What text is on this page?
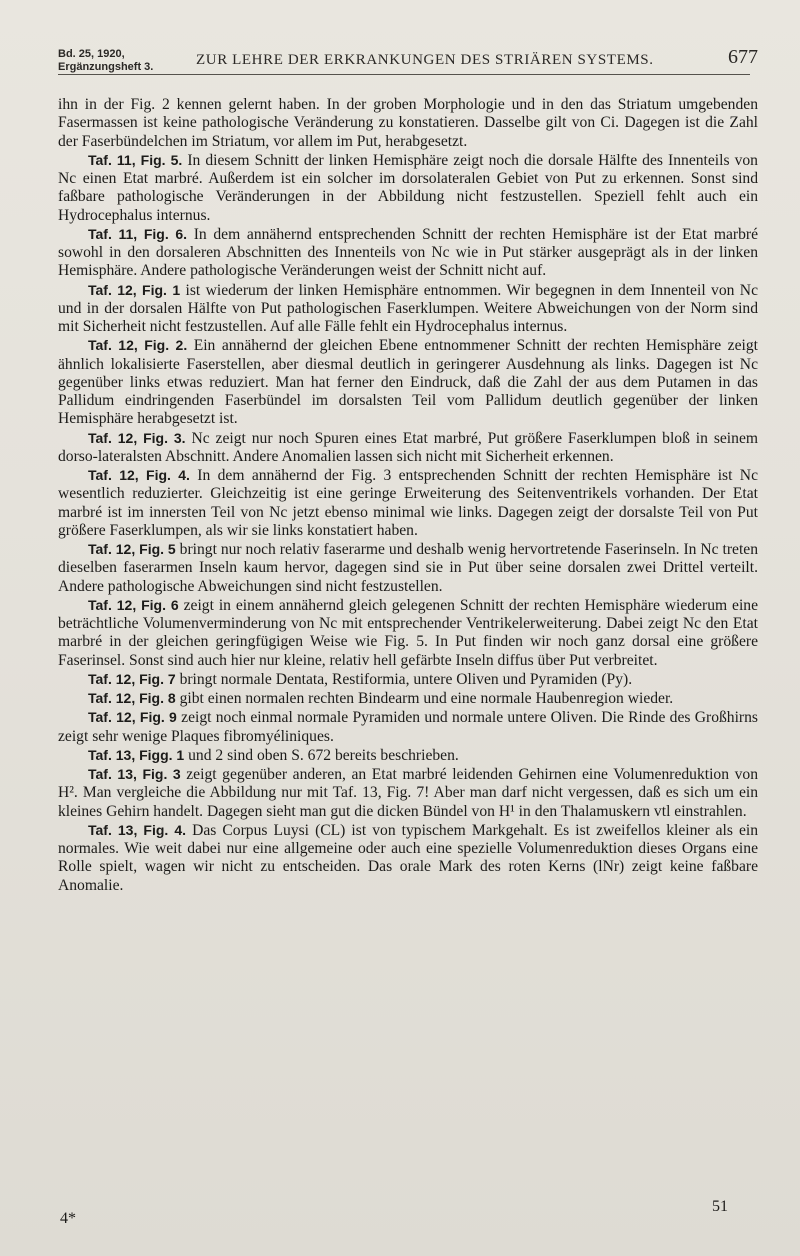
Bd. 25, 1920,
Ergänzungsheft 3.	ZUR LEHRE DER ERKRANKUNGEN DES STRIÄREN SYSTEMS.	677

ihn in der Fig. 2 kennen gelernt haben. In der groben Morphologie und in den das Striatum umgebenden Fasermassen ist keine pathologische Veränderung zu konstatieren. Dasselbe gilt von Ci. Dagegen ist die Zahl der Faserbündelchen im Striatum, vor allem im Put, herabgesetzt.

Taf. 11, Fig. 5. In diesem Schnitt der linken Hemisphäre zeigt noch die dorsale Hälfte des Innenteils von Nc einen Etat marbré. Außerdem ist ein solcher im dorsolateralen Gebiet von Put zu erkennen. Sonst sind faßbare pathologische Veränderungen in der Abbildung nicht festzustellen. Speziell fehlt auch ein Hydrocephalus internus.

Taf. 11, Fig. 6. In dem annähernd entsprechenden Schnitt der rechten Hemisphäre ist der Etat marbré sowohl in den dorsaleren Abschnitten des Innenteils von Nc wie in Put stärker ausgeprägt als in der linken Hemisphäre. Andere pathologische Veränderungen weist der Schnitt nicht auf.

Taf. 12, Fig. 1 ist wiederum der linken Hemisphäre entnommen. Wir begegnen in dem Innenteil von Nc und in der dorsalen Hälfte von Put pathologischen Faserklumpen. Weitere Abweichungen von der Norm sind mit Sicherheit nicht festzustellen. Auf alle Fälle fehlt ein Hydrocephalus internus.

Taf. 12, Fig. 2. Ein annähernd der gleichen Ebene entnommener Schnitt der rechten Hemisphäre zeigt ähnlich lokalisierte Faserstellen, aber diesmal deutlich in geringerer Ausdehnung als links. Dagegen ist Nc gegenüber links etwas reduziert. Man hat ferner den Eindruck, daß die Zahl der aus dem Putamen in das Pallidum eindringenden Faserbündel im dorsalsten Teil vom Pallidum deutlich gegenüber der linken Hemisphäre herabgesetzt ist.

Taf. 12, Fig. 3. Nc zeigt nur noch Spuren eines Etat marbré, Put größere Faserklumpen bloß in seinem dorso-lateralsten Abschnitt. Andere Anomalien lassen sich nicht mit Sicherheit erkennen.

Taf. 12, Fig. 4. In dem annähernd der Fig. 3 entsprechenden Schnitt der rechten Hemisphäre ist Nc wesentlich reduzierter. Gleichzeitig ist eine geringe Erweiterung des Seitenventrikels vorhanden. Der Etat marbré ist im innersten Teil von Nc jetzt ebenso minimal wie links. Dagegen zeigt der dorsalste Teil von Put größere Faserklumpen, als wir sie links konstatiert haben.

Taf. 12, Fig. 5 bringt nur noch relativ faserarme und deshalb wenig hervortretende Faserinseln. In Nc treten dieselben faserarmen Inseln kaum hervor, dagegen sind sie in Put über seine dorsalen zwei Drittel verteilt. Andere pathologische Abweichungen sind nicht festzustellen.

Taf. 12, Fig. 6 zeigt in einem annähernd gleich gelegenen Schnitt der rechten Hemisphäre wiederum eine beträchtliche Volumenverminderung von Nc mit entsprechender Ventrikelerweiterung. Dabei zeigt Nc den Etat marbré in der gleichen geringfügigen Weise wie Fig. 5. In Put finden wir noch ganz dorsal eine größere Faserinsel. Sonst sind auch hier nur kleine, relativ hell gefärbte Inseln diffus über Put verbreitet.

Taf. 12, Fig. 7 bringt normale Dentata, Restiformia, untere Oliven und Pyramiden (Py).

Taf. 12, Fig. 8 gibt einen normalen rechten Bindearm und eine normale Haubenregion wieder.

Taf. 12, Fig. 9 zeigt noch einmal normale Pyramiden und normale untere Oliven. Die Rinde des Großhirns zeigt sehr wenige Plaques fibromyéliniques.

Taf. 13, Figg. 1 und 2 sind oben S. 672 bereits beschrieben.

Taf. 13, Fig. 3 zeigt gegenüber anderen, an Etat marbré leidenden Gehirnen eine Volumenreduktion von H². Man vergleiche die Abbildung nur mit Taf. 13, Fig. 7! Aber man darf nicht vergessen, daß es sich um ein kleines Gehirn handelt. Dagegen sieht man gut die dicken Bündel von H¹ in den Thalamuskern vtl einstrahlen.

Taf. 13, Fig. 4. Das Corpus Luysi (CL) ist von typischem Markgehalt. Es ist zweifellos kleiner als ein normales. Wie weit dabei nur eine allgemeine oder auch eine spezielle Volumenreduktion dieses Organs eine Rolle spielt, wagen wir nicht zu entscheiden. Das orale Mark des roten Kerns (lNr) zeigt keine faßbare Anomalie.

4*
51
